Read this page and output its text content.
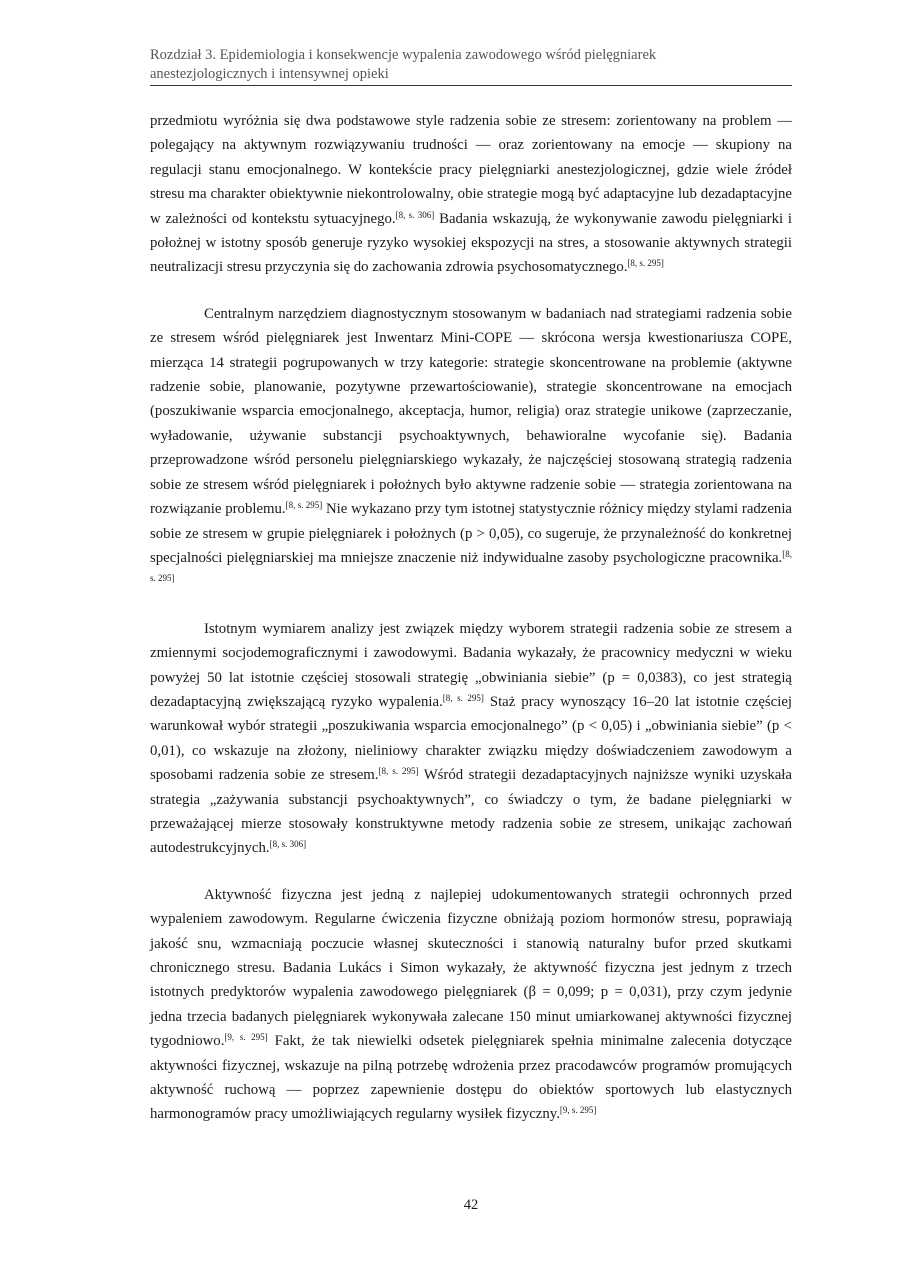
Rozdział 3. Epidemiologia i konsekwencje wypalenia zawodowego wśród pielęgniarek
anestezjologicznych i intensywnej opieki

przedmiotu wyróżnia się dwa podstawowe style radzenia sobie ze stresem: zorientowany na problem — polegający na aktywnym rozwiązywaniu trudności — oraz zorientowany na emocje — skupiony na regulacji stanu emocjonalnego. W kontekście pracy pielęgniarki anestezjologicznej, gdzie wiele źródeł stresu ma charakter obiektywnie niekontrolowalny, obie strategie mogą być adaptacyjne lub dezadaptacyjne w zależności od kontekstu sytuacyjnego.[8, s. 306] Badania wskazują, że wykonywanie zawodu pielęgniarki i położnej w istotny sposób generuje ryzyko wysokiej ekspozycji na stres, a stosowanie aktywnych strategii neutralizacji stresu przyczynia się do zachowania zdrowia psychosomatycznego.[8, s. 295]

Centralnym narzędziem diagnostycznym stosowanym w badaniach nad strategiami radzenia sobie ze stresem wśród pielęgniarek jest Inwentarz Mini-COPE — skrócona wersja kwestionariusza COPE, mierząca 14 strategii pogrupowanych w trzy kategorie: strategie skoncentrowane na problemie (aktywne radzenie sobie, planowanie, pozytywne przewartościowanie), strategie skoncentrowane na emocjach (poszukiwanie wsparcia emocjonalnego, akceptacja, humor, religia) oraz strategie unikowe (zaprzeczanie, wyładowanie, używanie substancji psychoaktywnych, behawioralne wycofanie się). Badania przeprowadzone wśród personelu pielęgniarskiego wykazały, że najczęściej stosowaną strategią radzenia sobie ze stresem wśród pielęgniarek i położnych było aktywne radzenie sobie — strategia zorientowana na rozwiązanie problemu.[8, s. 295] Nie wykazano przy tym istotnej statystycznie różnicy między stylami radzenia sobie ze stresem w grupie pielęgniarek i położnych (p > 0,05), co sugeruje, że przynależność do konkretnej specjalności pielęgniarskiej ma mniejsze znaczenie niż indywidualne zasoby psychologiczne pracownika.[8, s. 295]

Istotnym wymiarem analizy jest związek między wyborem strategii radzenia sobie ze stresem a zmiennymi socjodemograficznymi i zawodowymi. Badania wykazały, że pracownicy medyczni w wieku powyżej 50 lat istotnie częściej stosowali strategię „obwiniania siebie” (p = 0,0383), co jest strategią dezadaptacyjną zwiększającą ryzyko wypalenia.[8, s. 295] Staż pracy wynoszący 16–20 lat istotnie częściej warunkował wybór strategii „poszukiwania wsparcia emocjonalnego” (p < 0,05) i „obwiniania siebie” (p < 0,01), co wskazuje na złożony, nieliniowy charakter związku między doświadczeniem zawodowym a sposobami radzenia sobie ze stresem.[8, s. 295] Wśród strategii dezadaptacyjnych najniższe wyniki uzyskała strategia „zażywania substancji psychoaktywnych”, co świadczy o tym, że badane pielęgniarki w przeważającej mierze stosowały konstruktywne metody radzenia sobie ze stresem, unikając zachowań autodestrukcyjnych.[8, s. 306]

Aktywność fizyczna jest jedną z najlepiej udokumentowanych strategii ochronnych przed wypaleniem zawodowym. Regularne ćwiczenia fizyczne obniżają poziom hormonów stresu, poprawiają jakość snu, wzmacniają poczucie własnej skuteczności i stanowią naturalny bufor przed skutkami chronicznego stresu. Badania Lukács i Simon wykazały, że aktywność fizyczna jest jednym z trzech istotnych predyktorów wypalenia zawodowego pielęgniarek (β = 0,099; p = 0,031), przy czym jedynie jedna trzecia badanych pielęgniarek wykonywała zalecane 150 minut umiarkowanej aktywności fizycznej tygodniowo.[9, s. 295] Fakt, że tak niewielki odsetek pielęgniarek spełnia minimalne zalecenia dotyczące aktywności fizycznej, wskazuje na pilną potrzebę wdrożenia przez pracodawców programów promujących aktywność ruchową — poprzez zapewnienie dostępu do obiektów sportowych lub elastycznych harmonogramów pracy umożliwiających regularny wysiłek fizyczny.[9, s. 295]

42
